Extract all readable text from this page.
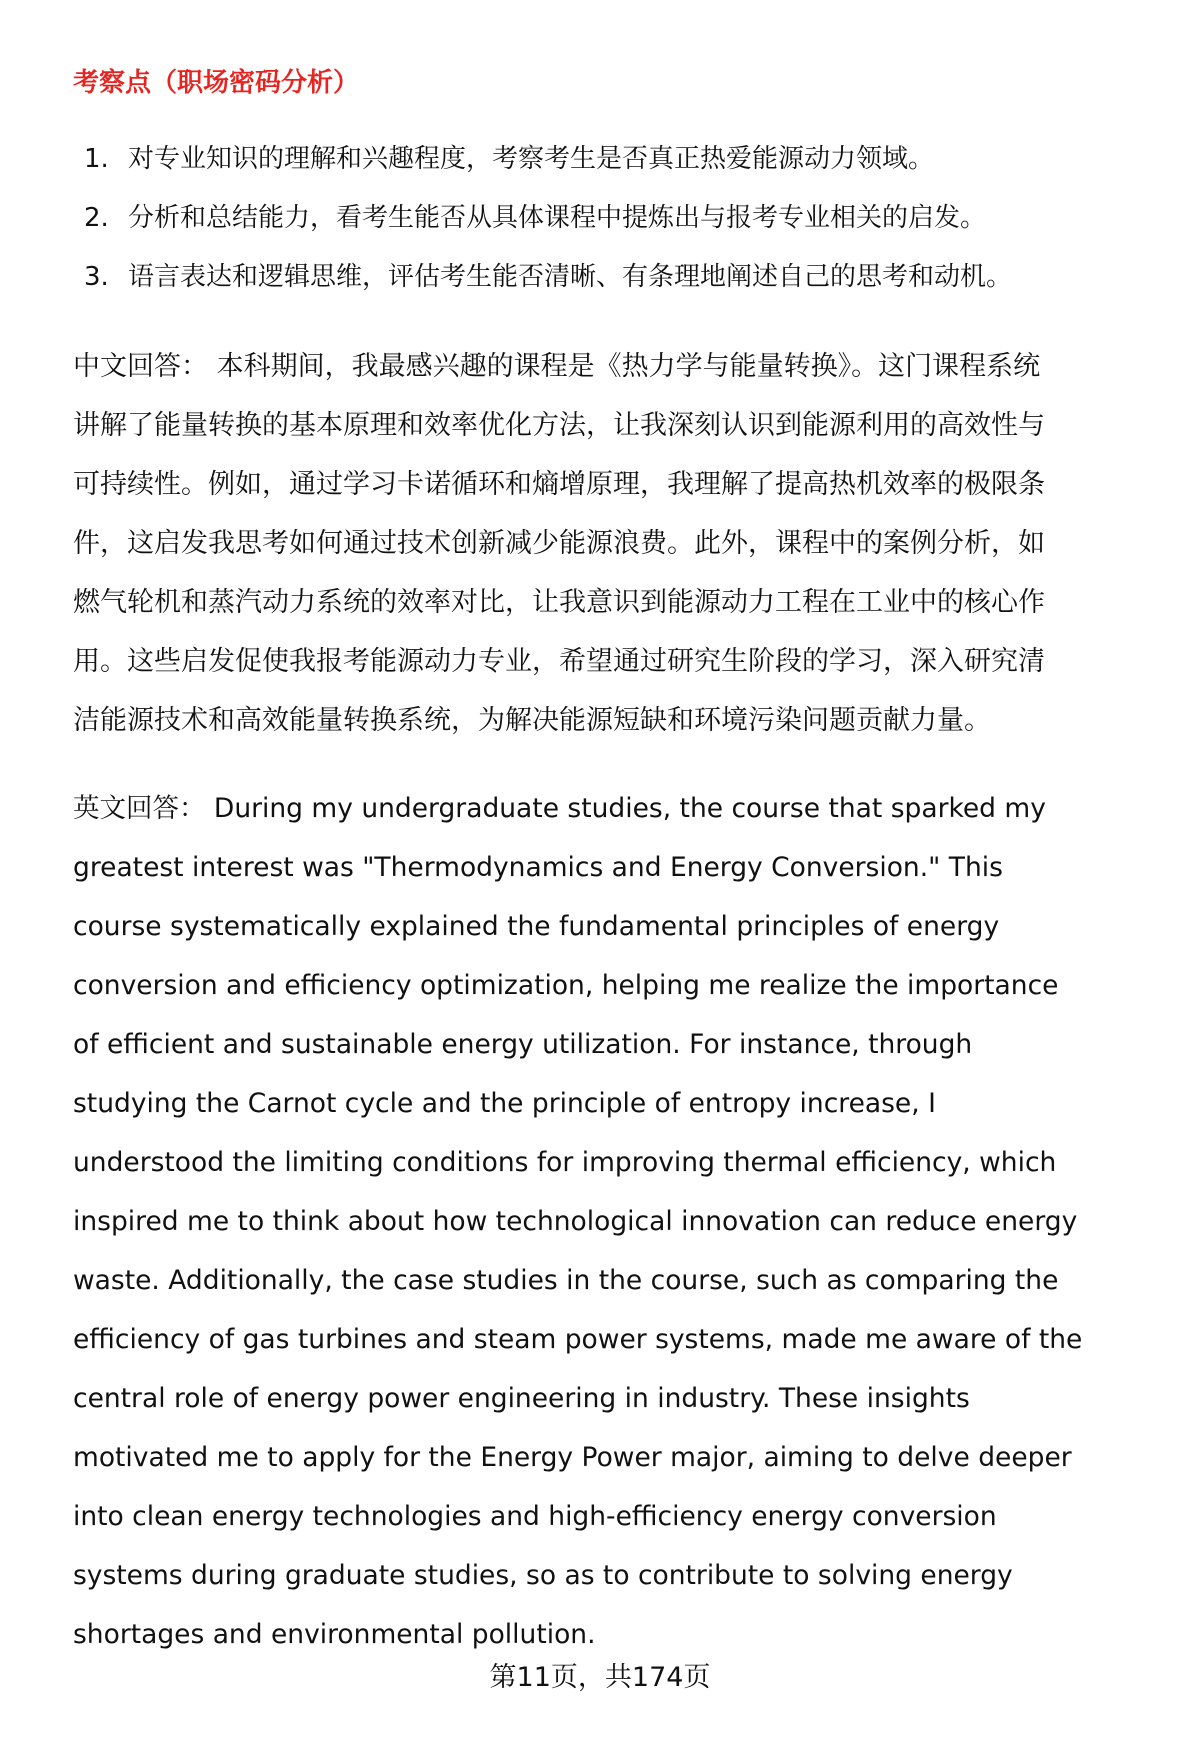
考察点（职场密码分析）
1. 对专业知识的理解和兴趣程度，考察考生是否真正热爱能源动力领域。
2. 分析和总结能力，看考生能否从具体课程中提炼出与报考专业相关的启发。
3. 语言表达和逻辑思维，评估考生能否清晰、有条理地阐述自己的思考和动机。
中文回答： 本科期间，我最感兴趣的课程是《热力学与能量转换》。这门课程系统
讲解了能量转换的基本原理和效率优化方法，让我深刻认识到能源利用的高效性与
可持续性。例如，通过学习卡诺循环和熵增原理，我理解了提高热机效率的极限条
件，这启发我思考如何通过技术创新减少能源浪费。此外，课程中的案例分析，如
燃气轮机和蒸汽动力系统的效率对比，让我意识到能源动力工程在工业中的核心作
用。这些启发促使我报考能源动力专业，希望通过研究生阶段的学习，深入研究清
洁能源技术和高效能量转换系统，为解决能源短缺和环境污染问题贡献力量。
英文回答： During my undergraduate studies, the course that sparked my
greatest interest was "Thermodynamics and Energy Conversion." This
course systematically explained the fundamental principles of energy
conversion and efficiency optimization, helping me realize the importance
of efficient and sustainable energy utilization. For instance, through
studying the Carnot cycle and the principle of entropy increase, I
understood the limiting conditions for improving thermal efficiency, which
inspired me to think about how technological innovation can reduce energy
waste. Additionally, the case studies in the course, such as comparing the
efficiency of gas turbines and steam power systems, made me aware of the
central role of energy power engineering in industry. These insights
motivated me to apply for the Energy Power major, aiming to delve deeper
into clean energy technologies and high-efficiency energy conversion
systems during graduate studies, so as to contribute to solving energy
shortages and environmental pollution.
第11页，共174页
